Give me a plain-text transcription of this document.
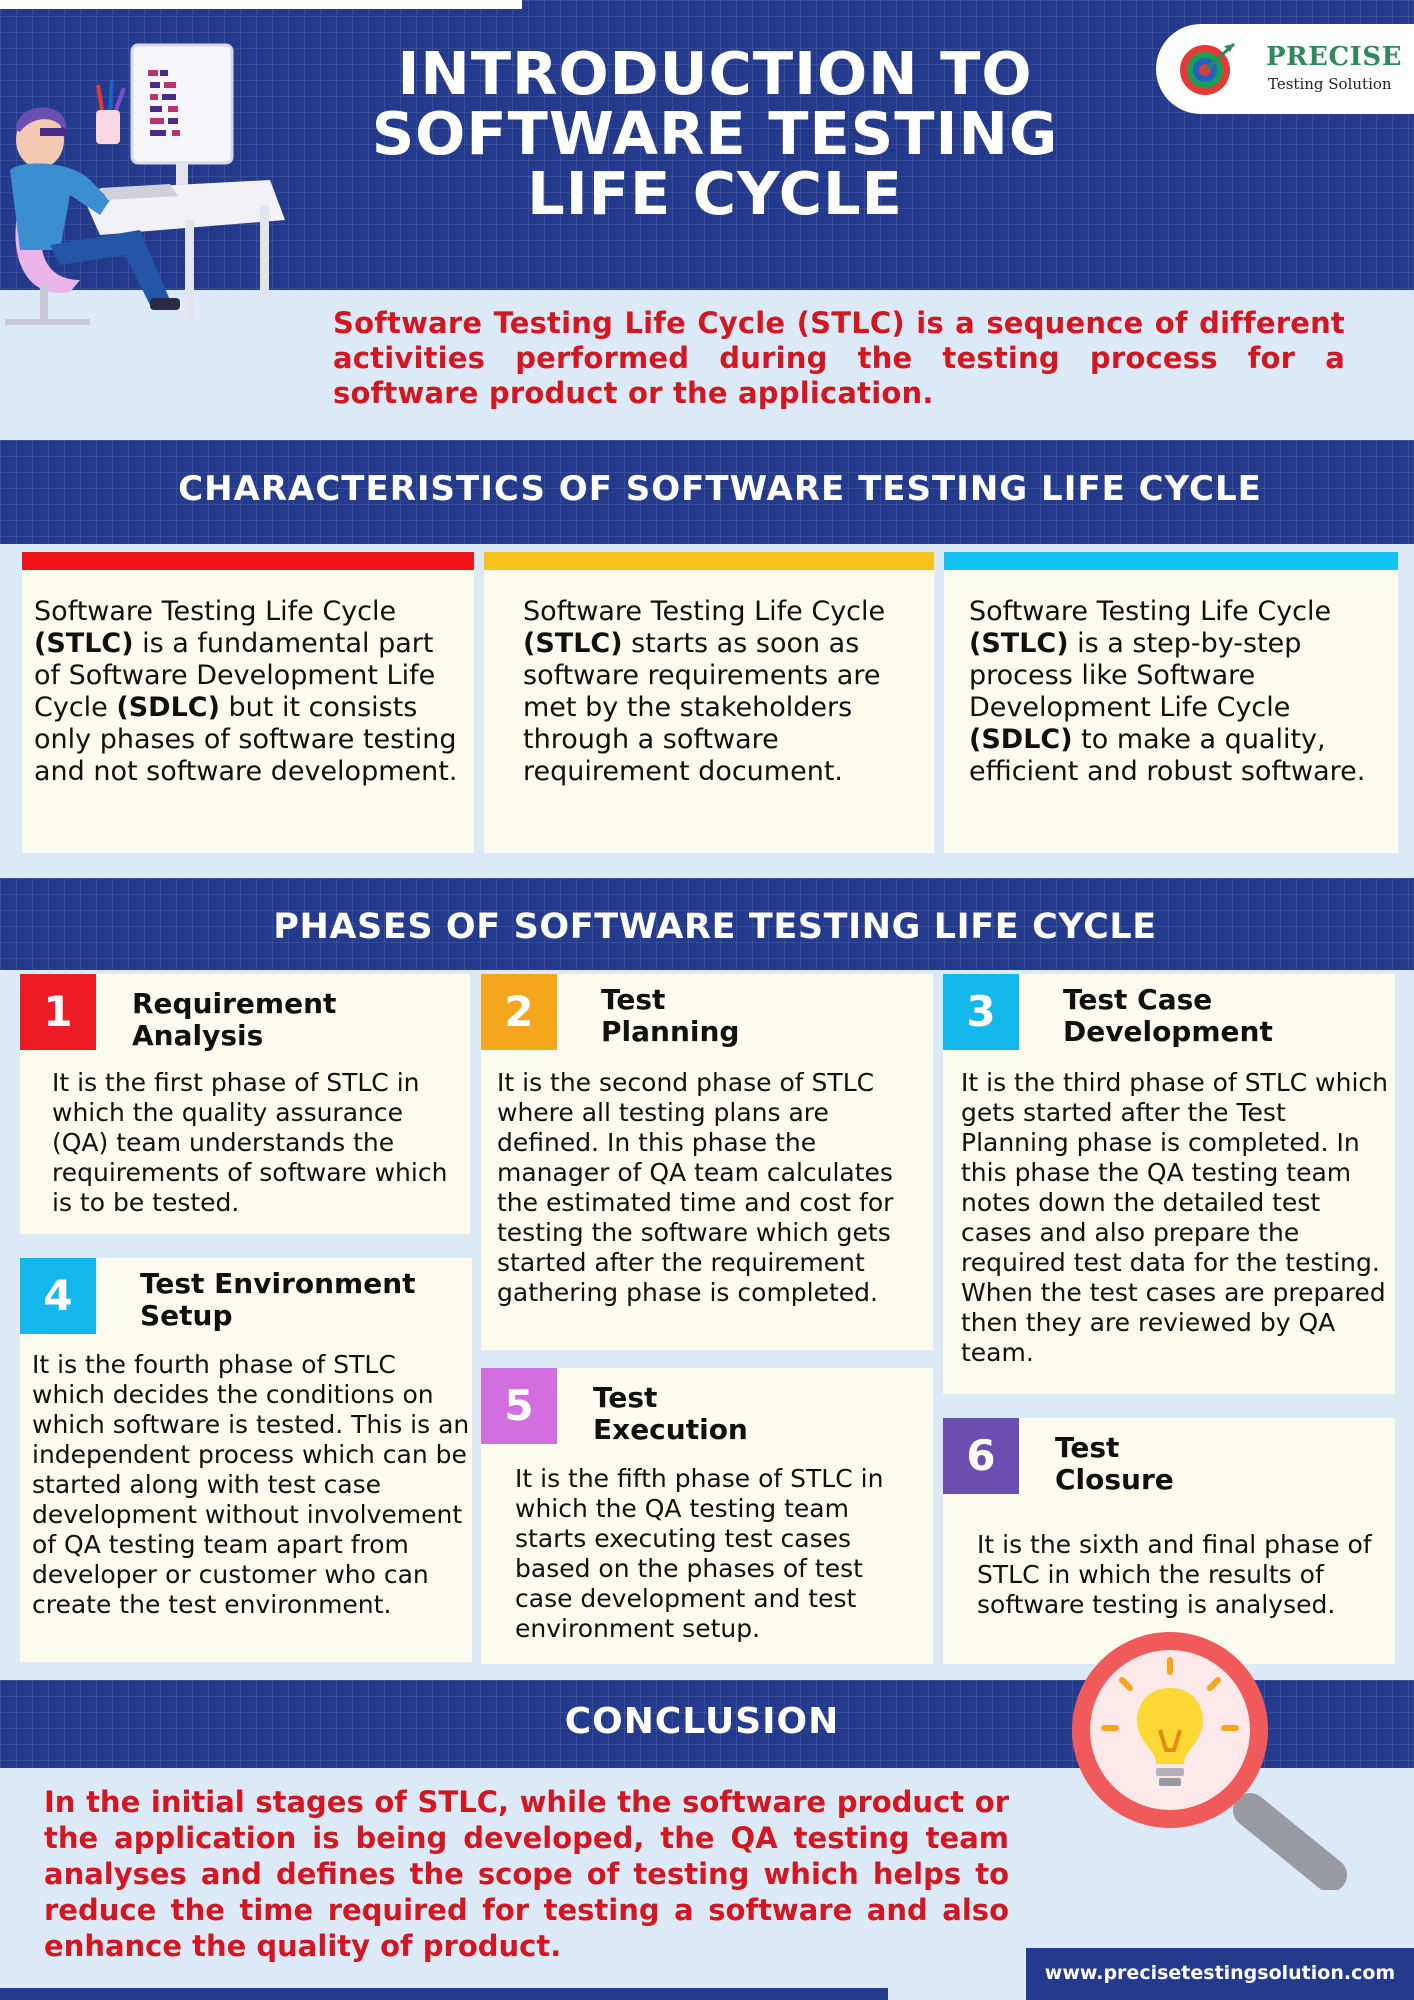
INTRODUCTION TO
SOFTWARE TESTING
LIFE CYCLE
PRECISE
Testing Solution
Software Testing Life Cycle (STLC) is a sequence of different activities performed during the testing process for a software product or the application.
CHARACTERISTICS OF SOFTWARE TESTING LIFE CYCLE
Software Testing Life Cycle (STLC) is a fundamental part of Software Development Life Cycle (SDLC) but it consists only phases of software testing and not software development.
Software Testing Life Cycle (STLC) starts as soon as software requirements are met by the stakeholders through a software requirement document.
Software Testing Life Cycle (STLC) is a step-by-step process like Software Development Life Cycle (SDLC) to make a quality, efficient and robust software.
PHASES OF SOFTWARE TESTING LIFE CYCLE
1	Requirement
Analysis
It is the first phase of STLC in which the quality assurance (QA) team understands the requirements of software which is to be tested.
2	Test
Planning
It is the second phase of STLC where all testing plans are defined. In this phase the manager of QA team calculates the estimated time and cost for testing the software which gets started after the requirement gathering phase is completed.
3	Test Case
Development
It is the third phase of STLC which gets started after the Test Planning phase is completed. In this phase the QA testing team notes down the detailed test cases and also prepare the required test data for the testing. When the test cases are prepared then they are reviewed by QA team.
4	Test Environment
Setup
It is the fourth phase of STLC which decides the conditions on which software is tested. This is an independent process which can be started along with test case development without involvement of QA testing team apart from developer or customer who can create the test environment.
5	Test
Execution
It is the fifth phase of STLC in which the QA testing team starts executing test cases based on the phases of test case development and test environment setup.
6	Test
Closure
It is the sixth and final phase of STLC in which the results of software testing is analysed.
CONCLUSION
In the initial stages of STLC, while the software product or the application is being developed, the QA testing team analyses and defines the scope of testing which helps to reduce the time required for testing a software and also enhance the quality of product.
www.precisetestingsolution.com
